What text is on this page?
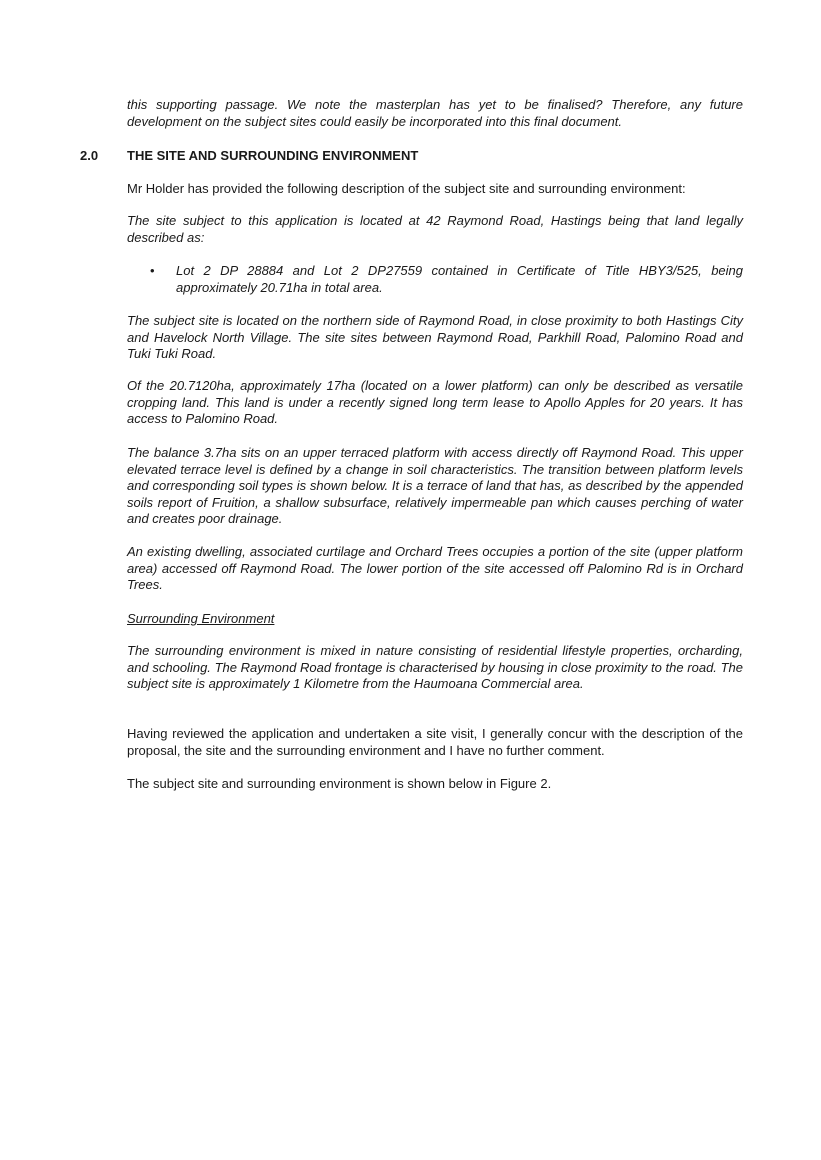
this supporting passage. We note the masterplan has yet to be finalised? Therefore, any future development on the subject sites could easily be incorporated into this final document.

2.0 THE SITE AND SURROUNDING ENVIRONMENT

Mr Holder has provided the following description of the subject site and surrounding environment:

The site subject to this application is located at 42 Raymond Road, Hastings being that land legally described as:

• Lot 2 DP 28884 and Lot 2 DP27559 contained in Certificate of Title HBY3/525, being approximately 20.71ha in total area.

The subject site is located on the northern side of Raymond Road, in close proximity to both Hastings City and Havelock North Village. The site sites between Raymond Road, Parkhill Road, Palomino Road and Tuki Tuki Road.

Of the 20.7120ha, approximately 17ha (located on a lower platform) can only be described as versatile cropping land. This land is under a recently signed long term lease to Apollo Apples for 20 years. It has access to Palomino Road.

The balance 3.7ha sits on an upper terraced platform with access directly off Raymond Road. This upper elevated terrace level is defined by a change in soil characteristics. The transition between platform levels and corresponding soil types is shown below. It is a terrace of land that has, as described by the appended soils report of Fruition, a shallow subsurface, relatively impermeable pan which causes perching of water and creates poor drainage.

An existing dwelling, associated curtilage and Orchard Trees occupies a portion of the site (upper platform area) accessed off Raymond Road. The lower portion of the site accessed off Palomino Rd is in Orchard Trees.

Surrounding Environment

The surrounding environment is mixed in nature consisting of residential lifestyle properties, orcharding, and schooling. The Raymond Road frontage is characterised by housing in close proximity to the road. The subject site is approximately 1 Kilometre from the Haumoana Commercial area.

Having reviewed the application and undertaken a site visit, I generally concur with the description of the proposal, the site and the surrounding environment and I have no further comment.

The subject site and surrounding environment is shown below in Figure 2.
